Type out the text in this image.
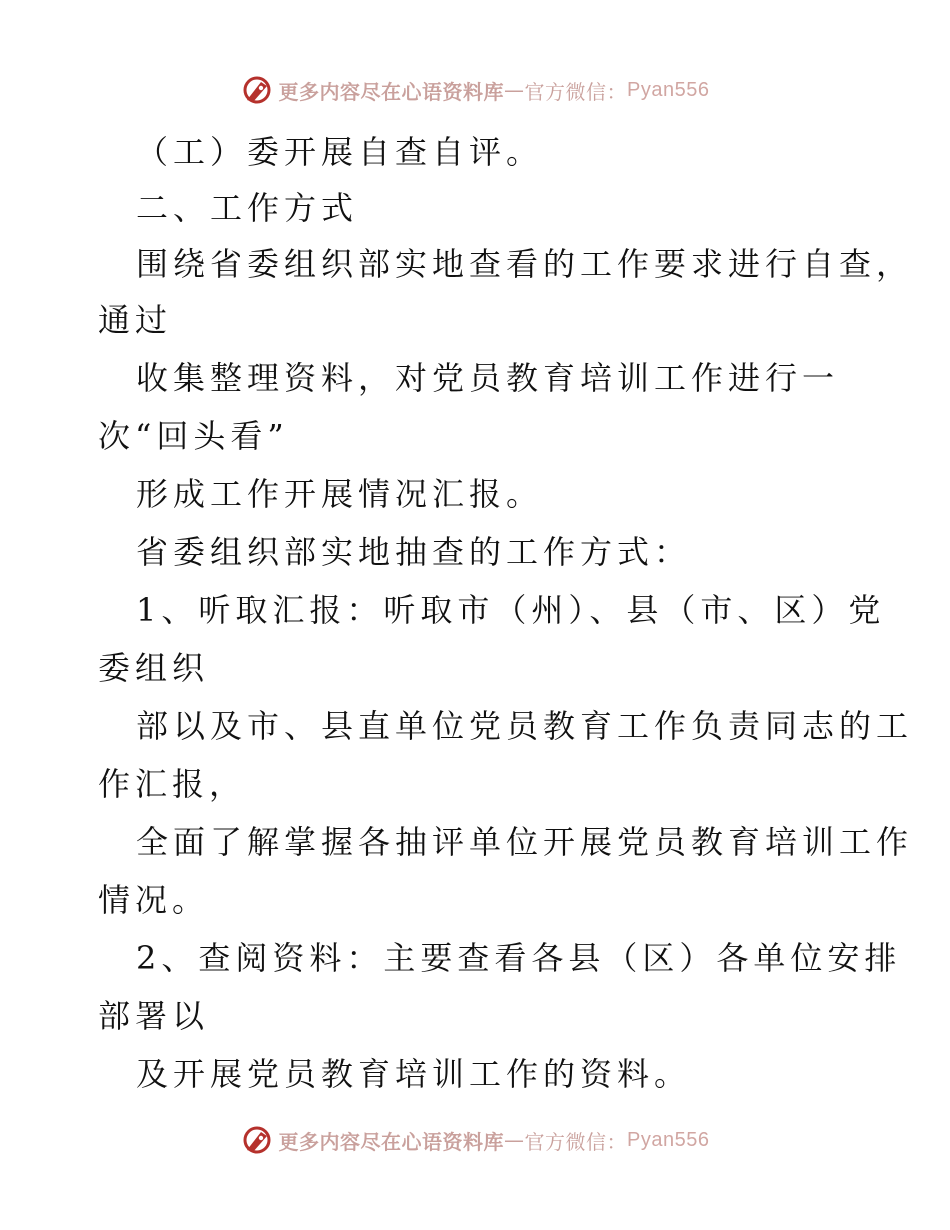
更多内容尽在心语资料库 — 官方微信： Pyan556
（工）委开展自查自评。
二、工作方式
围绕省委组织部实地查看的工作要求进行自查，
通过
收集整理资料，对党员教育培训工作进行一
次“回头看”
形成工作开展情况汇报。
省委组织部实地抽查的工作方式：
1、听取汇报：听取市（州）、县（市、区）党
委组织
部以及市、县直单位党员教育工作负责同志的工
作汇报，
全面了解掌握各抽评单位开展党员教育培训工作
情况。
2、查阅资料：主要查看各县（区）各单位安排
部署以
及开展党员教育培训工作的资料。
更多内容尽在心语资料库 — 官方微信： Pyan556
